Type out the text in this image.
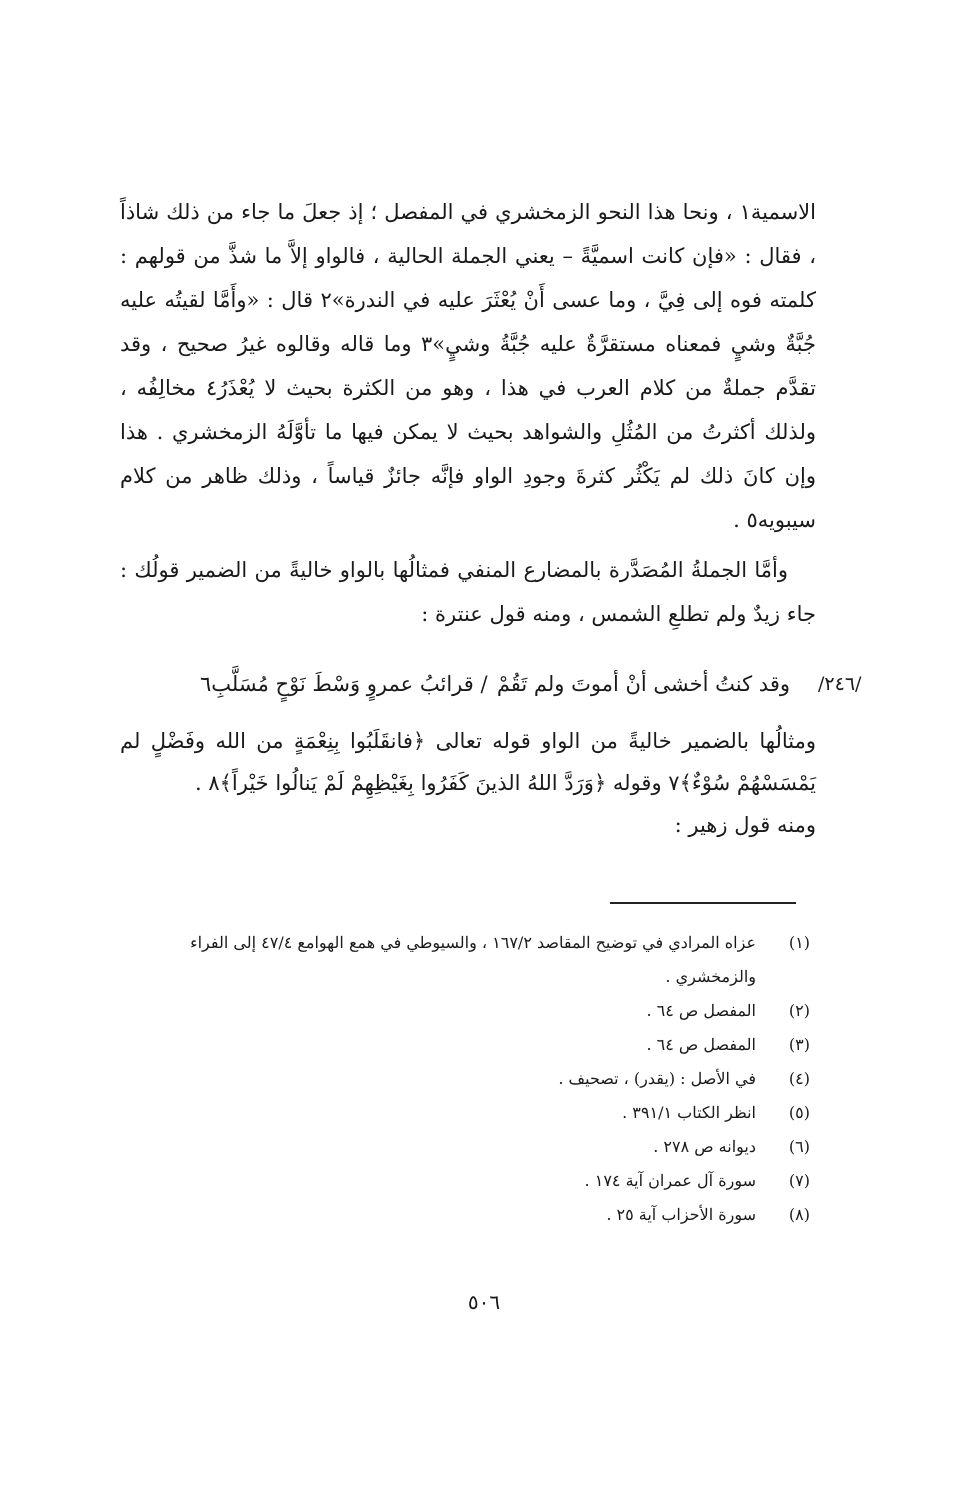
الاسمية١ ، ونحا هذا النحو الزمخشري في المفصل ؛ إذ جعلَ ما جاء من ذلك شاذاً ، فقال : «فإن كانت اسميَّةً – يعني الجملة الحالية ، فالواو إلاَّ ما شذَّ من قولهم : كلمته فوه إلى فِيَّ ، وما عسى أَنْ يُعْثَرَ عليه في الندرة»٢ قال : «وأَمَّا لقيتُه عليه جُبَّةٌ وشيٍ فمعناه مستقرَّةٌ عليه جُبَّةُ وشيٍ»٣ وما قاله وقالوه غيرُ صحيح ، وقد تقدَّم جملةٌ من كلام العرب في هذا ، وهو من الكثرة بحيث لا يُعْذَرُ٤ مخالِفُه ، ولذلك أكثرتُ من المُثُلِ والشواهد بحيث لا يمكن فيها ما تأوَّلَهُ الزمخشري . هذا وإن كانَ ذلك لم يَكْثُر كثرةَ وجودِ الواو فإنَّه جائزٌ قياساً ، وذلك ظاهر من كلام سيبويه٥ .

وأمَّا الجملةُ المُصَدَّرة بالمضارع المنفي فمثالُها بالواو خاليةً من الضمير قولُك : جاء زيدٌ ولم تطلعِ الشمس ، ومنه قول عنترة :

/٢٤٦/
وقد كنتُ أخشى أنْ أموتَ ولم تَقُمْ
/ قرائبُ عمروٍ وَسْطَ نَوْحٍ مُسَلَّبِ٦

ومثالُها بالضمير خاليةً من الواو قوله تعالى ﴿فانقَلَبُوا بِنِعْمَةٍ من الله وفَضْلٍ لم يَمْسَسْهُمْ سُوْءٌ﴾٧ وقوله ﴿وَرَدَّ اللهُ الذينَ كَفَرُوا بِغَيْظِهِمْ لَمْ يَنالُوا خَيْراً﴾٨ .

ومنه قول زهير :

(١)
عزاه المرادي في توضيح المقاصد ١٦٧/٢ ، والسيوطي في همع الهوامع ٤٧/٤ إلى الفراء والزمخشري .
(٢)
المفصل ص ٦٤ .
(٣)
المفصل ص ٦٤ .
(٤)
في الأصل : (يقدر) ، تصحيف .
(٥)
انظر الكتاب ٣٩١/١ .
(٦)
ديوانه ص ٢٧٨ .
(٧)
سورة آل عمران آية ١٧٤ .
(٨)
سورة الأحزاب آية ٢٥ .
٥٠٦
